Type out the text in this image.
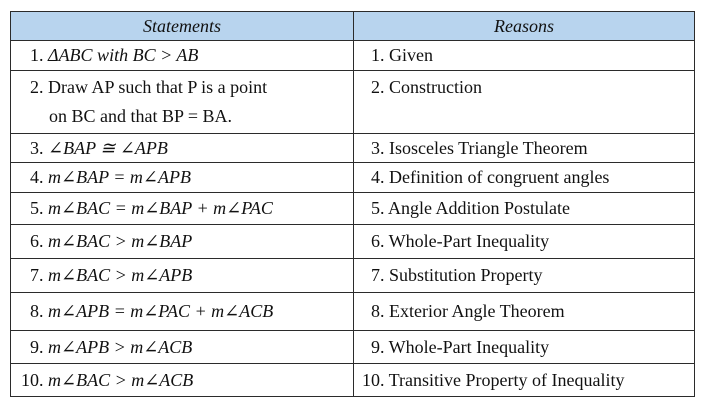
Statements	Reasons
1. ΔABC with BC > AB	1. Given

2. Draw AP such that P is a point
on BC and that BP = BA.	2. Construction
3. ∠BAP ≅ ∠APB	3. Isosceles Triangle Theorem
4. m∠BAP = m∠APB	4. Definition of congruent angles
5. m∠BAC = m∠BAP + m∠PAC	5. Angle Addition Postulate
6. m∠BAC > m∠BAP	6. Whole-Part Inequality
7. m∠BAC > m∠APB	7. Substitution Property
8. m∠APB = m∠PAC + m∠ACB	8. Exterior Angle Theorem
9. m∠APB > m∠ACB	9. Whole-Part Inequality
10. m∠BAC > m∠ACB	10. Transitive Property of Inequality
